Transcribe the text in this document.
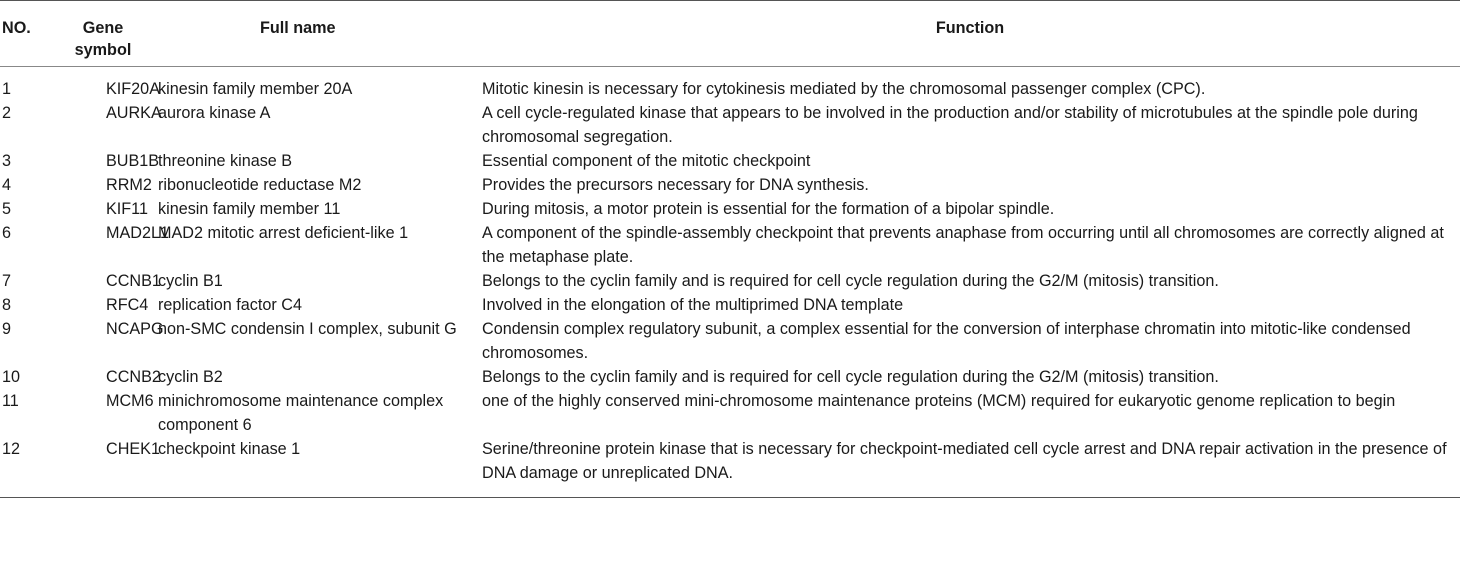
NO.	Gene symbol	Full name	Function
1	KIF20A	kinesin family member 20A	Mitotic kinesin is necessary for cytokinesis mediated by the chromosomal passenger complex (CPC).
2	AURKA	aurora kinase A	A cell cycle-regulated kinase that appears to be involved in the production and/or stability of microtubules at the spindle pole during chromosomal segregation.
3	BUB1B	threonine kinase B	Essential component of the mitotic checkpoint
4	RRM2	ribonucleotide reductase M2	Provides the precursors necessary for DNA synthesis.
5	KIF11	kinesin family member 11	During mitosis, a motor protein is essential for the formation of a bipolar spindle.
6	MAD2L1	MAD2 mitotic arrest deficient-like 1	A component of the spindle-assembly checkpoint that prevents anaphase from occurring until all chromosomes are correctly aligned at the metaphase plate.
7	CCNB1	cyclin B1	Belongs to the cyclin family and is required for cell cycle regulation during the G2/M (mitosis) transition.
8	RFC4	replication factor C4	Involved in the elongation of the multiprimed DNA template
9	NCAPG	non-SMC condensin I complex, subunit G	Condensin complex regulatory subunit, a complex essential for the conversion of interphase chromatin into mitotic-like condensed chromosomes.
10	CCNB2	cyclin B2	Belongs to the cyclin family and is required for cell cycle regulation during the G2/M (mitosis) transition.
11	MCM6	minichromosome maintenance complex component 6	one of the highly conserved mini-chromosome maintenance proteins (MCM) required for eukaryotic genome replication to begin
12	CHEK1	checkpoint kinase 1	Serine/threonine protein kinase that is necessary for checkpoint-mediated cell cycle arrest and DNA repair activation in the presence of DNA damage or unreplicated DNA.
